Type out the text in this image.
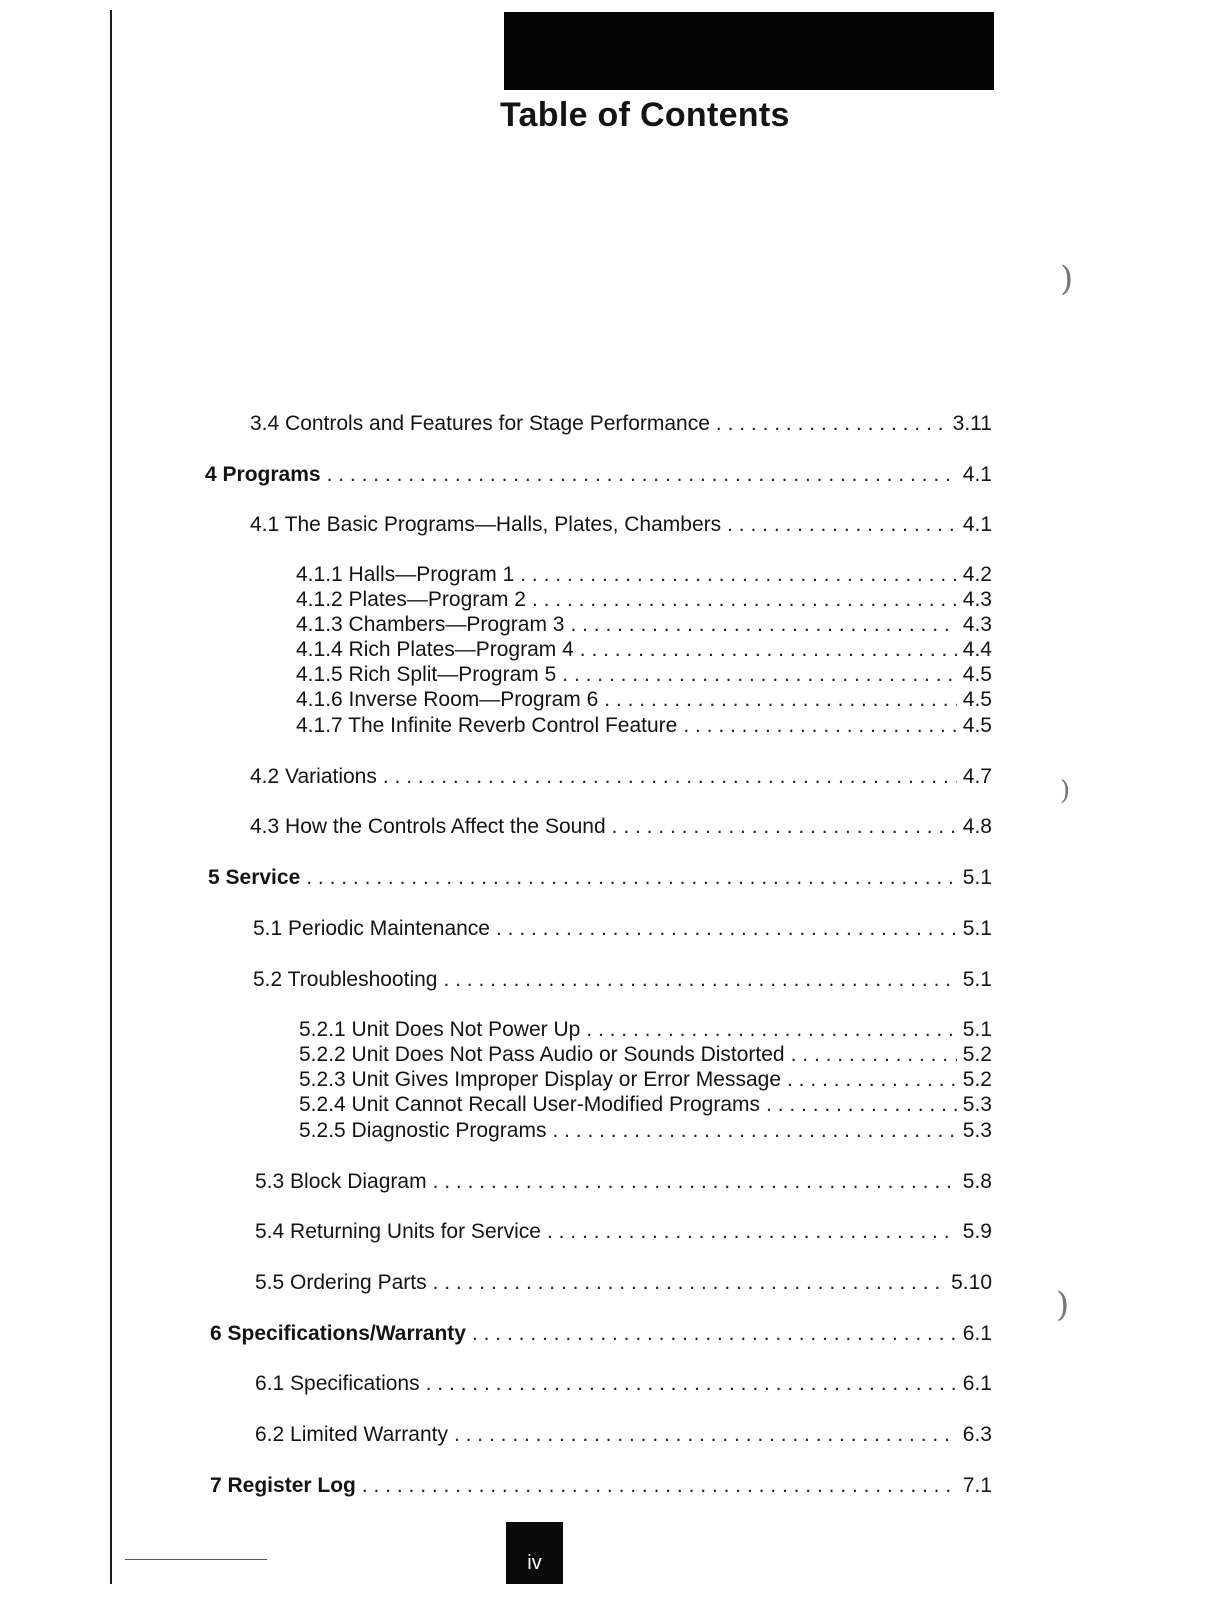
Table of Contents
3.4 Controls and Features for Stage Performance . . .	3.11
4 Programs . . .	4.1
4.1 The Basic Programs—Halls, Plates, Chambers . . .	4.1
4.1.1 Halls—Program 1 . . .	4.2
4.1.2 Plates—Program 2 . . .	4.3
4.1.3 Chambers—Program 3 . . .	4.3
4.1.4 Rich Plates—Program 4 . . .	4.4
4.1.5 Rich Split—Program 5 . . .	4.5
4.1.6 Inverse Room—Program 6 . . .	4.5
4.1.7 The Infinite Reverb Control Feature . . .	4.5
4.2 Variations . . .	4.7
4.3 How the Controls Affect the Sound . . .	4.8
5 Service . . .	5.1
5.1 Periodic Maintenance . . .	5.1
5.2 Troubleshooting . . .	5.1
5.2.1 Unit Does Not Power Up . . .	5.1
5.2.2 Unit Does Not Pass Audio or Sounds Distorted . . .	5.2
5.2.3 Unit Gives Improper Display or Error Message . . .	5.2
5.2.4 Unit Cannot Recall User-Modified Programs . . .	5.3
5.2.5 Diagnostic Programs . . .	5.3
5.3 Block Diagram . . .	5.8
5.4 Returning Units for Service . . .	5.9
5.5 Ordering Parts . . .	5.10
6 Specifications/Warranty . . .	6.1
6.1 Specifications . . .	6.1
6.2 Limited Warranty . . .	6.3
7 Register Log . . .	7.1
iv
)
)
)
